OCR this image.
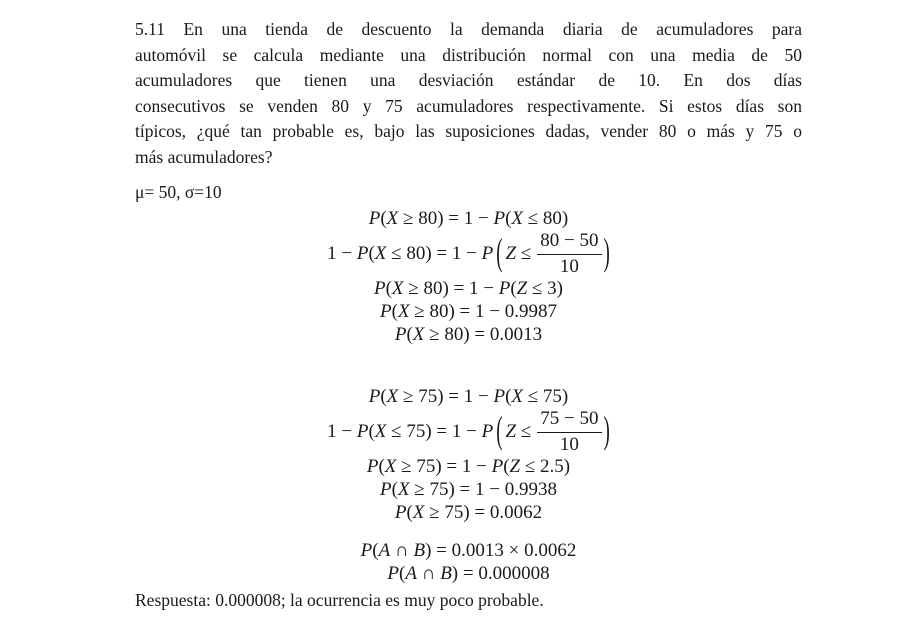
5.11 En una tienda de descuento la demanda diaria de acumuladores para
automóvil se calcula mediante una distribución normal con una media de 50
acumuladores que tienen una desviación estándar de 10. En dos días
consecutivos se venden 80 y 75 acumuladores respectivamente. Si estos días son
típicos, ¿qué tan probable es, bajo las suposiciones dadas, vender 80 o más y 75 o
más acumuladores?
μ= 50, σ=10
P(X ≥ 80) = 1 − P(X ≤ 80)
1 − P(X ≤ 80) = 1 − P ( $Z \le \frac{80 - 50}{10}$ )
P(X ≥ 80) = 1 − P(Z ≤ 3)
P(X ≥ 80) = 1 − 0.9987
P(X ≥ 80) = 0.0013
P(X ≥ 75) = 1 − P(X ≤ 75)
1 − P(X ≤ 75) = 1 − P ( $Z \le \frac{75 - 50}{10}$ )
P(X ≥ 75) = 1 − P(Z ≤ 2.5)
P(X ≥ 75) = 1 − 0.9938
P(X ≥ 75) = 0.0062
P(A ∩ B) = 0.0013 × 0.0062
P(A ∩ B) = 0.000008
Respuesta: 0.000008; la ocurrencia es muy poco probable.
